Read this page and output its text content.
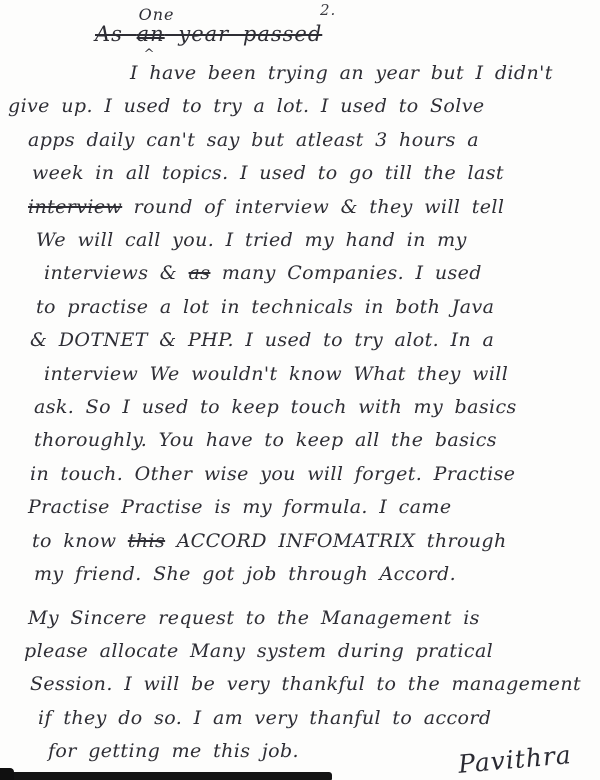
2.
As an
One
^
year passed
I have been trying an year but I didn't
give up. I used to try a lot. I used to Solve
apps daily can't say but atleast 3 hours a
week in all topics. I used to go till the last
interview round of interview & they will tell
We will call you. I tried my hand in my
interviews & as many Companies. I used
to practise a lot in technicals in both Java
& DOTNET & PHP. I used to try alot. In a
interview We wouldn't know What they will
ask. So I used to keep touch with my basics
thoroughly. You have to keep all the basics
in touch. Other wise you will forget. Practise
Practise Practise is my formula. I came
to know this ACCORD INFOMATRIX through
my friend. She got job through Accord.
My Sincere request to the Management is
please allocate Many system during pratical
Session. I will be very thankful to the management
if they do so. I am very thanful to accord
for getting me this job.	Pavithra
